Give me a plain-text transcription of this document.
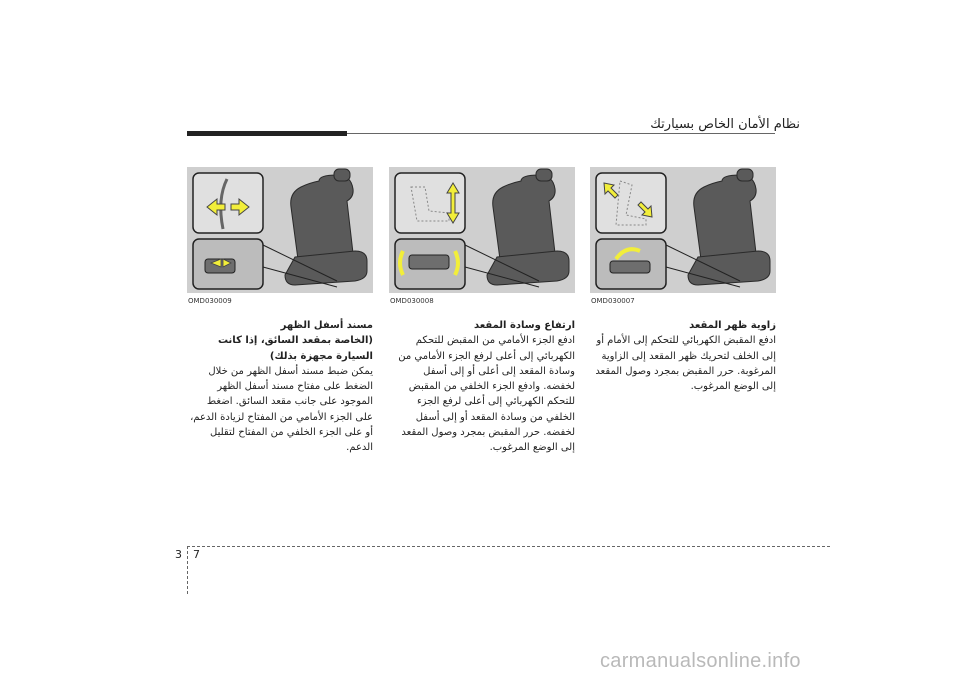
نظام الأمان الخاص بسيارتك
OMD030009	OMD030008	OMD030007

مسند أسفل الظهر

(الخاصة بمقعد السائق، إذا كانت السيارة مجهزة بذلك)

يمكن ضبط مسند أسفل الظهر من خلال الضغط على مفتاح مسند أسفل الظهر الموجود على جانب مقعد السائق. اضغط على الجزء الأمامي من المفتاح لزيادة الدعم، أو على الجزء الخلفي من المفتاح لتقليل الدعم.

ارتفاع وسادة المقعد

ادفع الجزء الأمامي من المقبض للتحكم الكهربائي إلى أعلى لرفع الجزء الأمامي من وسادة المقعد إلى أعلى أو إلى أسفل لخفضه. وادفع الجزء الخلفي من المقبض للتحكم الكهربائي إلى أعلى لرفع الجزء الخلفي من وسادة المقعد أو إلى أسفل لخفضه. حرر المقبض بمجرد وصول المقعد إلى الوضع المرغوب.

زاوية ظهر المقعد

ادفع المقبض الكهربائي للتحكم إلى الأمام أو إلى الخلف لتحريك ظهر المقعد إلى الزاوية المرغوبة. حرر المقبض بمجرد وصول المقعد إلى الوضع المرغوب.

3 7
carmanualsonline.info
